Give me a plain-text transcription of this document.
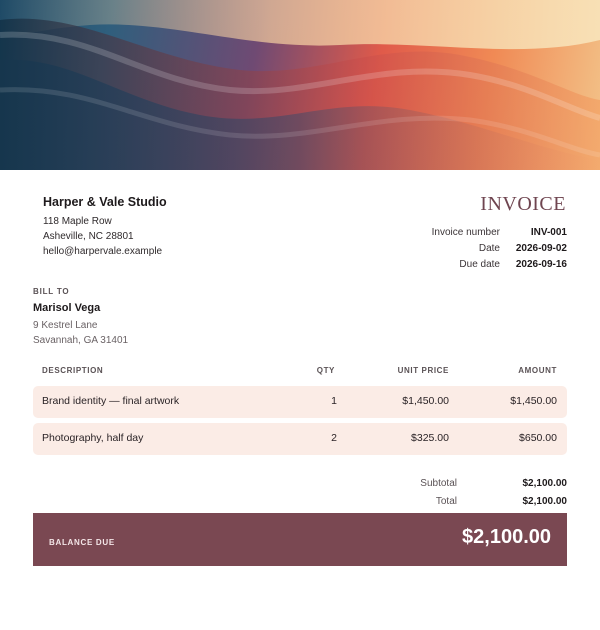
Harper & Vale Studio
118 Maple Row
Asheville, NC 28801
hello@harpervale.example
INVOICE
Invoice number	INV-001
Date	2026-09-02
Due date	2026-09-16
BILL TO
Marisol Vega
9 Kestrel Lane
Savannah, GA 31401
DESCRIPTION	QTY	UNIT PRICE	AMOUNT
Brand identity — final artwork	1	$1,450.00	$1,450.00
Photography, half day	2	$325.00	$650.00
Subtotal	$2,100.00
Total	$2,100.00
BALANCE DUE	$2,100.00
